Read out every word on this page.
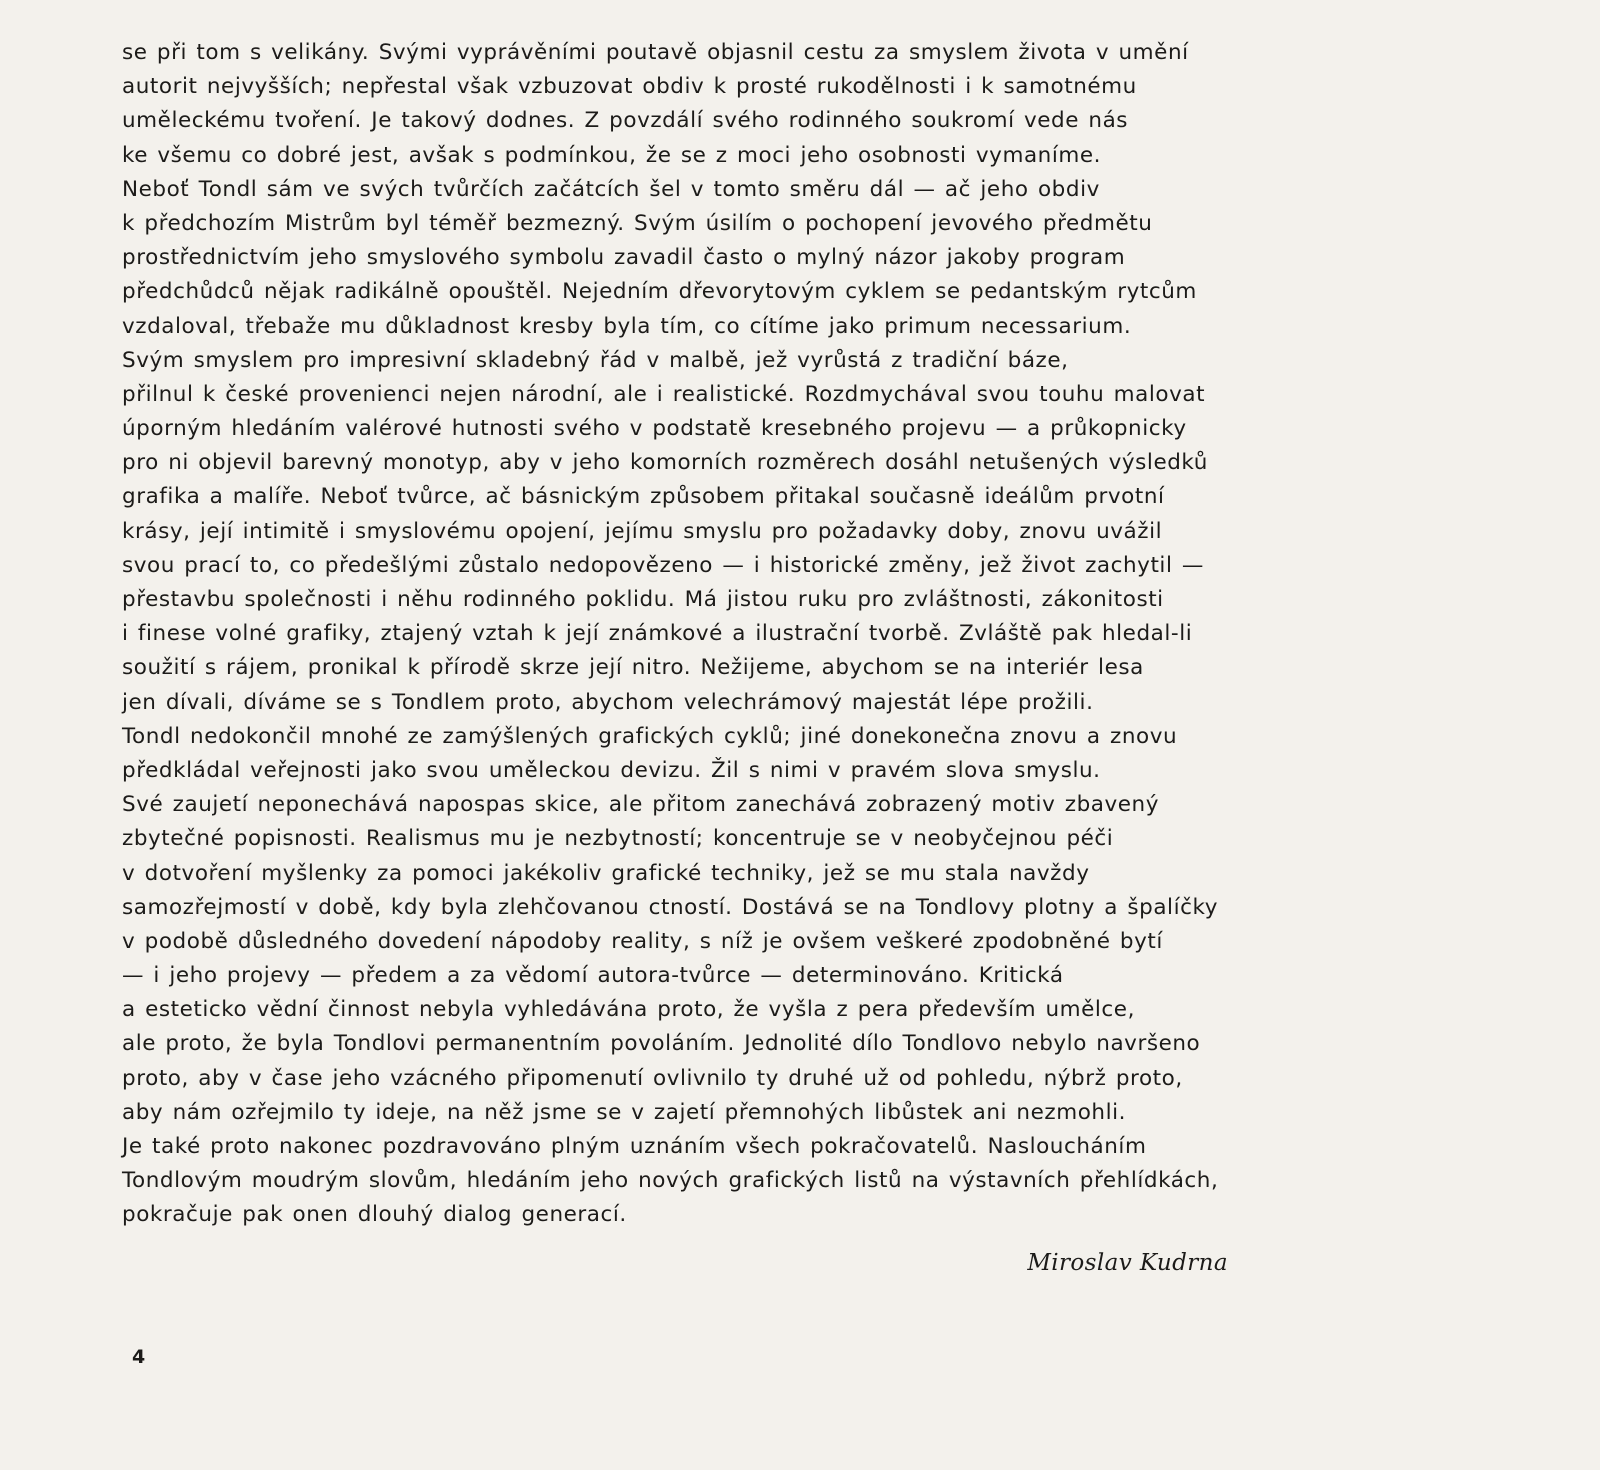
se při tom s velikány. Svými vyprávěními poutavě objasnil cestu za smyslem života v umění
autorit nejvyšších; nepřestal však vzbuzovat obdiv k prosté rukodělnosti i k samotnému
uměleckému tvoření. Je takový dodnes. Z povzdálí svého rodinného soukromí vede nás
ke všemu co dobré jest, avšak s podmínkou, že se z moci jeho osobnosti vymaníme.
Neboť Tondl sám ve svých tvůrčích začátcích šel v tomto směru dál — ač jeho obdiv
k předchozím Mistrům byl téměř bezmezný. Svým úsilím o pochopení jevového předmětu
prostřednictvím jeho smyslového symbolu zavadil často o mylný názor jakoby program
předchůdců nějak radikálně opouštěl. Nejedním dřevorytovým cyklem se pedantským rytcům
vzdaloval, třebaže mu důkladnost kresby byla tím, co cítíme jako primum necessarium.
Svým smyslem pro impresivní skladebný řád v malbě, jež vyrůstá z tradiční báze,
přilnul k české provenienci nejen národní, ale i realistické. Rozdmychával svou touhu malovat
úporným hledáním valérové hutnosti svého v podstatě kresebného projevu — a průkopnicky
pro ni objevil barevný monotyp, aby v jeho komorních rozměrech dosáhl netušených výsledků
grafika a malíře. Neboť tvůrce, ač básnickým způsobem přitakal současně ideálům prvotní
krásy, její intimitě i smyslovému opojení, jejímu smyslu pro požadavky doby, znovu uvážil
svou prací to, co předešlými zůstalo nedopovězeno — i historické změny, jež život zachytil —
přestavbu společnosti i něhu rodinného poklidu. Má jistou ruku pro zvláštnosti, zákonitosti
i finese volné grafiky, ztajený vztah k její známkové a ilustrační tvorbě. Zvláště pak hledal-li
soužití s rájem, pronikal k přírodě skrze její nitro. Nežijeme, abychom se na interiér lesa
jen dívali, díváme se s Tondlem proto, abychom velechrámový majestát lépe prožili.
Tondl nedokončil mnohé ze zamýšlených grafických cyklů; jiné donekonečna znovu a znovu
předkládal veřejnosti jako svou uměleckou devizu. Žil s nimi v pravém slova smyslu.
Své zaujetí neponechává napospas skice, ale přitom zanechává zobrazený motiv zbavený
zbytečné popisnosti. Realismus mu je nezbytností; koncentruje se v neobyčejnou péči
v dotvoření myšlenky za pomoci jakékoliv grafické techniky, jež se mu stala navždy
samozřejmostí v době, kdy byla zlehčovanou ctností. Dostává se na Tondlovy plotny a špalíčky
v podobě důsledného dovedení nápodoby reality, s níž je ovšem veškeré zpodobněné bytí
— i jeho projevy — předem a za vědomí autora-tvůrce — determinováno. Kritická
a esteticko vědní činnost nebyla vyhledávána proto, že vyšla z pera především umělce,
ale proto, že byla Tondlovi permanentním povoláním. Jednolité dílo Tondlovo nebylo navršeno
proto, aby v čase jeho vzácného připomenutí ovlivnilo ty druhé už od pohledu, nýbrž proto,
aby nám ozřejmilo ty ideje, na něž jsme se v zajetí přemnohých libůstek ani nezmohli.
Je také proto nakonec pozdravováno plným uznáním všech pokračovatelů. Nasloucháním
Tondlovým moudrým slovům, hledáním jeho nových grafických listů na výstavních přehlídkách,
pokračuje pak onen dlouhý dialog generací.
Miroslav Kudrna
4
